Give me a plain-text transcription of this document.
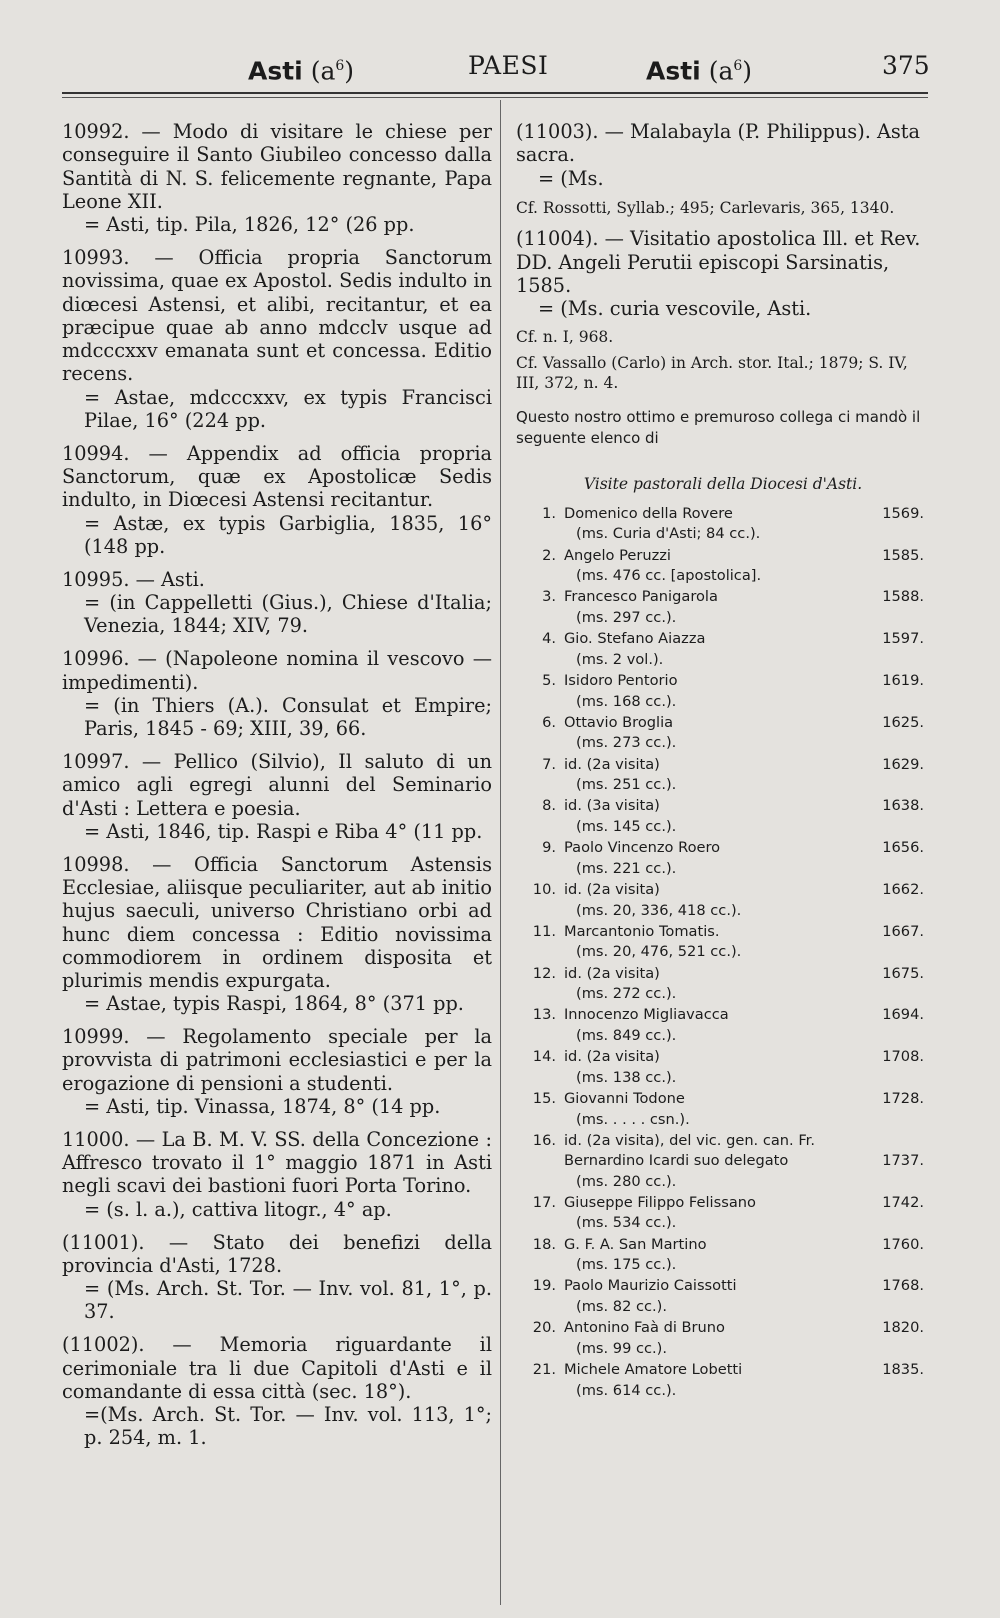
Asti $(a^6)$	PAESI	Asti $(a^6)$	375

10992. — Modo di visitare le chiese per conseguire il Santo Giubileo concesso dalla Santità di N. S. felicemente regnante, Papa Leone XII.

= Asti, tip. Pila, 1826, 12° (26 pp.

10993. — Officia propria Sanctorum novissima, quae ex Apostol. Sedis indulto in diœcesi Astensi, et alibi, recitantur, et ea præcipue quae ab anno mdcclv usque ad mdcccxxv emanata sunt et concessa. Editio recens.

= Astae, mdcccxxv, ex typis Francisci Pilae, 16° (224 pp.

10994. — Appendix ad officia propria Sanctorum, quæ ex Apostolicæ Sedis indulto, in Diœcesi Astensi recitantur.

= Astæ, ex typis Garbiglia, 1835, 16° (148 pp.

10995. — Asti.

= (in Cappelletti (Gius.), Chiese d'Italia; Venezia, 1844; XIV, 79.

10996. — (Napoleone nomina il vescovo — impedimenti).

= (in Thiers (A.). Consulat et Empire; Paris, 1845 - 69; XIII, 39, 66.

10997. — Pellico (Silvio), Il saluto di un amico agli egregi alunni del Seminario d'Asti : Lettera e poesia.

= Asti, 1846, tip. Raspi e Riba 4° (11 pp.

10998. — Officia Sanctorum Astensis Ecclesiae, aliisque peculiariter, aut ab initio hujus saeculi, universo Christiano orbi ad hunc diem concessa : Editio novissima commodiorem in ordinem disposita et plurimis mendis expurgata.

= Astae, typis Raspi, 1864, 8° (371 pp.

10999. — Regolamento speciale per la provvista di patrimoni ecclesiastici e per la erogazione di pensioni a studenti.

= Asti, tip. Vinassa, 1874, 8° (14 pp.

11000. — La B. M. V. SS. della Concezione : Affresco trovato il 1° maggio 1871 in Asti negli scavi dei bastioni fuori Porta Torino.

= (s. l. a.), cattiva litogr., 4° ap.

(11001). — Stato dei benefizi della provincia d'Asti, 1728.

= (Ms. Arch. St. Tor. — Inv. vol. 81, 1°, p. 37.

(11002). — Memoria riguardante il cerimoniale tra li due Capitoli d'Asti e il comandante di essa città (sec. 18°).

=(Ms. Arch. St. Tor. — Inv. vol. 113, 1°; p. 254, m. 1.

(11003). — Malabayla (P. Philippus). Asta sacra.

= (Ms.

Cf. Rossotti, Syllab.; 495; Carlevaris, 365, 1340.

(11004). — Visitatio apostolica Ill. et Rev. DD. Angeli Perutii episcopi Sarsinatis, 1585.

= (Ms. curia vescovile, Asti.

Cf. n. I, 968.

Cf. Vassallo (Carlo) in Arch. stor. Ital.; 1879; S. IV, III, 372, n. 4.

Questo nostro ottimo e premuroso collega ci mandò il seguente elenco di

Visite pastorali della Diocesi d'Asti.

1. Domenico della Rovere	1569.
(ms. Curia d'Asti; 84 cc.).
2. Angelo Peruzzi	1585.
(ms. 476 cc. [apostolica].
3. Francesco Panigarola	1588.
(ms. 297 cc.).
4. Gio. Stefano Aiazza	1597.
(ms. 2 vol.).
5. Isidoro Pentorio	1619.
(ms. 168 cc.).
6. Ottavio Broglia	1625.
(ms. 273 cc.).
7. id. (2a visita)	1629.
(ms. 251 cc.).
8. id. (3a visita)	1638.
(ms. 145 cc.).
9. Paolo Vincenzo Roero	1656.
(ms. 221 cc.).
10. id. (2a visita)	1662.
(ms. 20, 336, 418 cc.).
11. Marcantonio Tomatis.	1667.
(ms. 20, 476, 521 cc.).
12. id. (2a visita)	1675.
(ms. 272 cc.).
13. Innocenzo Migliavacca	1694.
(ms. 849 cc.).
14. id. (2a visita)	1708.
(ms. 138 cc.).
15. Giovanni Todone	1728.
(ms. . . . . csn.).
16. id. (2a visita), del vic. gen. can. Fr. Bernardino Icardi suo delegato	1737.
(ms. 280 cc.).
17. Giuseppe Filippo Felissano	1742.
(ms. 534 cc.).
18. G. F. A. San Martino	1760.
(ms. 175 cc.).
19. Paolo Maurizio Caissotti	1768.
(ms. 82 cc.).
20. Antonino Faà di Bruno	1820.
(ms. 99 cc.).
21. Michele Amatore Lobetti	1835.
(ms. 614 cc.).
